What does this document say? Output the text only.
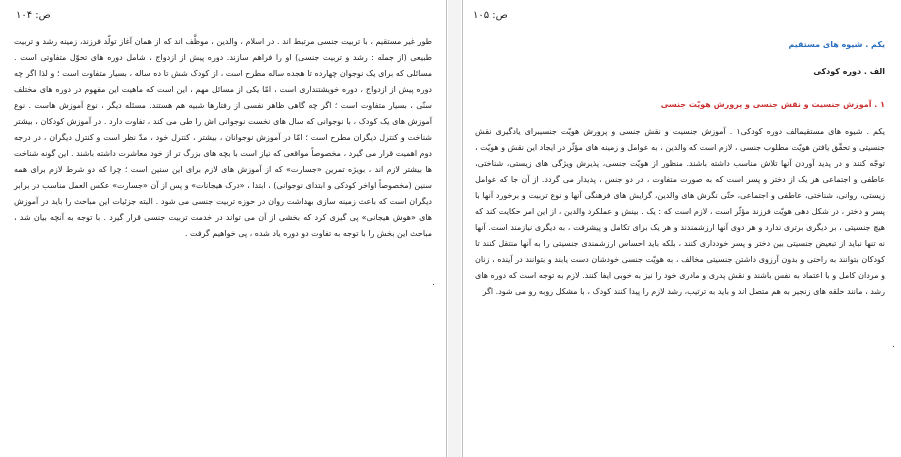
ص: ۱۰۴
طور غیر مستقیم ، با تربیت جنسی مرتبط اند . در اسلام ، والدین ، موظَّف اند که از همان آغاز تولّد فرزند، زمینه رشد و تربیت طبیعی (از جمله : رشد و تربیت جنسی) او را فراهم سازند. دوره پیش از ازدواج ، شامل دوره های تحوّل متفاوتی است . مسائلی که برای یک نوجوان چهارده تا هجده ساله مطرح است ، از کودک شش تا ده ساله ، بسیار متفاوت است ؛ و لذا اگر چه دوره پیش از ازدواج ، دوره خویشتنداری است ، امّا یکی از مسائل مهم ، این است که ماهیت این مفهوم در دوره های مختلف سنّی ، بسیار متفاوت است ؛ اگر چه گاهی ظاهر نفسی از رفتارها شبیه هم هستند. مسئله دیگر ، نوع آموزش هاست . نوع آموزش های یک کودک ، با نوجوانی که سال های نخست نوجوانی اش را طی می کند ، تفاوت دارد . در آموزش کودکان ، بیشتر شناخت و کنترل دیگران مطرح است ؛ امّا در آموزش نوجوانان ، بیشتر ، کنترل خود ، مدّ نظر است و کنترل دیگران ، در درجه دوم اهمیت قرار می گیرد ، مخصوصاً مواقعی که نیاز است با بچه های بزرگ تر از خود معاشرت داشته باشند . این گونه شناخت ها بیشتر لازم اند ، بویژه تمرین «جسارت» که از آموزش های لازم برای این سنین است ؛ چرا که دو شرط لازم برای همه سنین (مخصوصاً اواخر کودکی و ابتدای نوجوانی) ، ابتدا ، «درک هیجانات» و پس از آن «جسارت» عکس العمل مناسب در برابر دیگران است که باعث زمینه سازی بهداشت روان در حوزه تربیت جنسی می شود . البته جزئیات این مباحث را باید در آموزش های «هوش هیجانی» پی گیری کرد که بخشی از آن می تواند در خدمت تربیت جنسی قرار گیرد . با توجه به آنچه بیان شد ، مباحث این بخش را با توجه به تفاوت دو دوره یاد شده ، پی خواهیم گرفت .
.
ص: ۱۰۵
یکم . شیوه های مستقیم
الف . دوره کودکی
۱ . آموزش جنسیت و نقش جنسی و پرورش هویّت جنسی
یکم . شیوه های مستقیمالف دوره کودکی۱ . آموزش جنسیت و نقش جنسی و پرورش هویّت جنسیبرای یادگیری نقش جنسیتی و تحقّق یافتن هویّت مطلوب جنسی ، لازم است که والدین ، به عوامل و زمینه های مؤثّر در ایجاد این نقش و هویّت ، توجّه کنند و در پدید آوردن آنها تلاش مناسب داشته باشند. منظور از هویّت جنسی، پذیرش ویژگی های زیستی، شناختی، عاطفی و اجتماعی هر یک از دختر و پسر است که به صورت متفاوت ، در دو جنس ، پدیدار می گردد. از آن جا که عوامل زیستی، روانی، شناختی، عاطفی و اجتماعی، حتّی نگرش های والدین، گرایش های فرهنگی آنها و نوع تربیت و برخورد آنها با پسر و دختر ، در شکل دهی هویّت فرزند مؤثّر است ، لازم است که : یک . بینش و عملکرد والدین ، از این امر حکایت کند که هیچ جنسیتی ، بر دیگری برتری ندارد و هر دوی آنها ارزشمندند و هر یک برای تکامل و پیشرفت ، به دیگری نیازمند است. آنها نه تنها نباید از تبعیض جنسیتی بین دختر و پسر خودداری کنند ، بلکه باید احساس ارزشمندی جنسیتی را به آنها منتقل کنند تا کودکان بتوانند به راحتی و بدون آرزوی داشتن جنسیتی مخالف ، به هویّت جنسی خودشان دست یابند و بتوانند در آینده ، زنان و مردان کامل و با اعتماد به نفس باشند و نقش پدری و مادری خود را نیز به خوبی ایفا کنند. لازم به توجه است که دوره های رشد ، مانند حلقه های زنجیر به هم متصل اند و باید به ترتیب، رشد لازم را پیدا کنند کودک ، با مشکل روبه رو می شود. اگر
.
